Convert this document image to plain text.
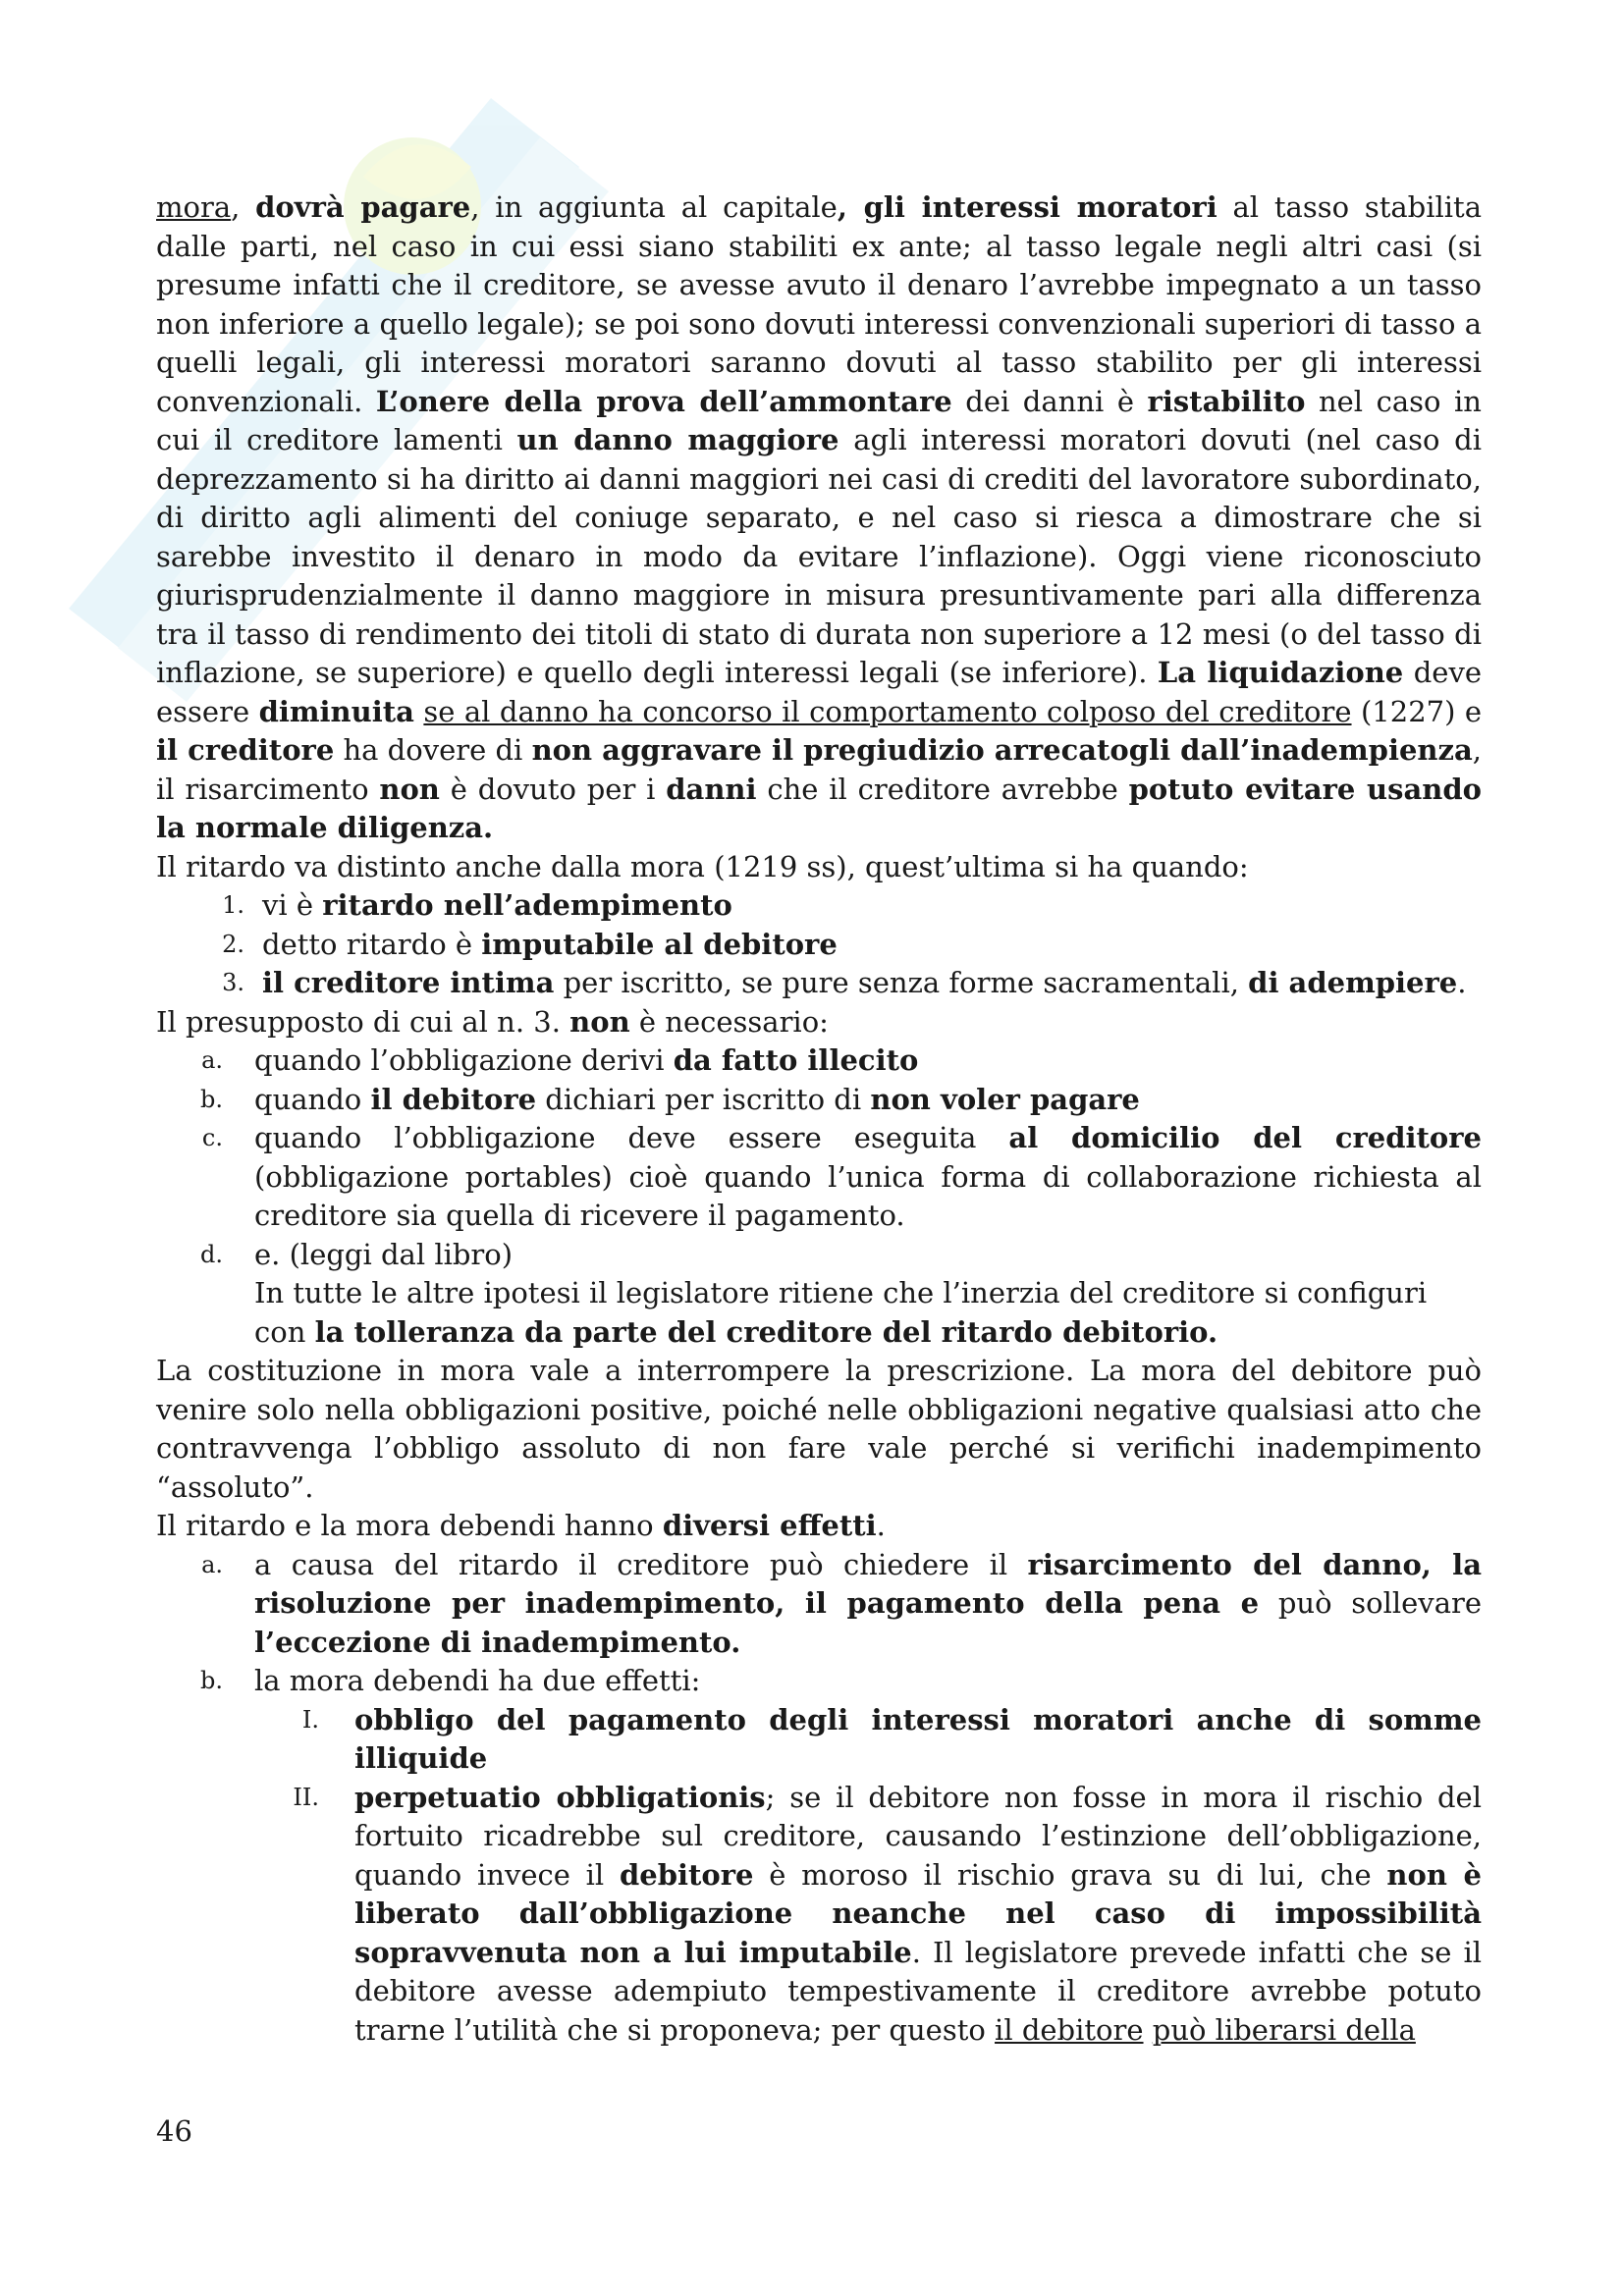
mora, dovrà pagare, in aggiunta al capitale, gli interessi moratori al tasso stabilita
dalle parti, nel caso in cui essi siano stabiliti ex ante; al tasso legale negli altri casi (si presume infatti che il creditore, se avesse avuto il denaro l’avrebbe impegnato a un tasso non inferiore a quello legale); se poi sono dovuti interessi convenzionali superiori di tasso a quelli legali, gli interessi moratori saranno dovuti al tasso stabilito per gli interessi convenzionali. L’onere della prova dell’ammontare dei danni è ristabilito nel caso in cui il creditore lamenti un danno maggiore agli interessi moratori dovuti (nel caso di deprezzamento si ha diritto ai danni maggiori nei casi di crediti del lavoratore subordinato, di diritto agli alimenti del coniuge separato, e nel caso si riesca a dimostrare che si sarebbe investito il denaro in modo da evitare l’inflazione). Oggi viene riconosciuto giurisprudenzialmente il danno maggiore in misura presuntivamente pari alla differenza tra il tasso di rendimento dei titoli di stato di durata non superiore a 12 mesi (o del tasso di inflazione, se superiore) e quello degli interessi legali (se inferiore). La liquidazione deve essere diminuita se al danno ha concorso il comportamento colposo del creditore (1227) e il creditore ha dovere di non aggravare il pregiudizio arrecatogli dall’inadempienza, il risarcimento non è dovuto per i danni che il creditore avrebbe potuto evitare usando la normale diligenza.
Il ritardo va distinto anche dalla mora (1219 ss), quest’ultima si ha quando:
1. vi è ritardo nell’adempimento
2. detto ritardo è imputabile al debitore
3. il creditore intima per iscritto, se pure senza forme sacramentali, di adempiere.
Il presupposto di cui al n. 3. non è necessario:
a. quando l’obbligazione derivi da fatto illecito
b. quando il debitore dichiari per iscritto di non voler pagare
c. quando l’obbligazione deve essere eseguita al domicilio del creditore (obbligazione portables) cioè quando l’unica forma di collaborazione richiesta al creditore sia quella di ricevere il pagamento.
d. e. (leggi dal libro)
In tutte le altre ipotesi il legislatore ritiene che l’inerzia del creditore si configuri con la tolleranza da parte del creditore del ritardo debitorio.
La costituzione in mora vale a interrompere la prescrizione. La mora del debitore può venire solo nella obbligazioni positive, poiché nelle obbligazioni negative qualsiasi atto che contravvenga l’obbligo assoluto di non fare vale perché si verifichi inadempimento “assoluto”.
Il ritardo e la mora debendi hanno diversi effetti.
a. a causa del ritardo il creditore può chiedere il risarcimento del danno, la risoluzione per inadempimento, il pagamento della pena e può sollevare l’eccezione di inadempimento.
b. la mora debendi ha due effetti:
I. obbligo del pagamento degli interessi moratori anche di somme illiquide
II. perpetuatio obbligationis; se il debitore non fosse in mora il rischio del fortuito ricadrebbe sul creditore, causando l’estinzione dell’obbligazione, quando invece il debitore è moroso il rischio grava su di lui, che non è liberato dall’obbligazione neanche nel caso di impossibilità sopravvenuta non a lui imputabile. Il legislatore prevede infatti che se il debitore avesse adempiuto tempestivamente il creditore avrebbe potuto trarne l’utilità che si proponeva; per questo il debitore può liberarsi della
46
